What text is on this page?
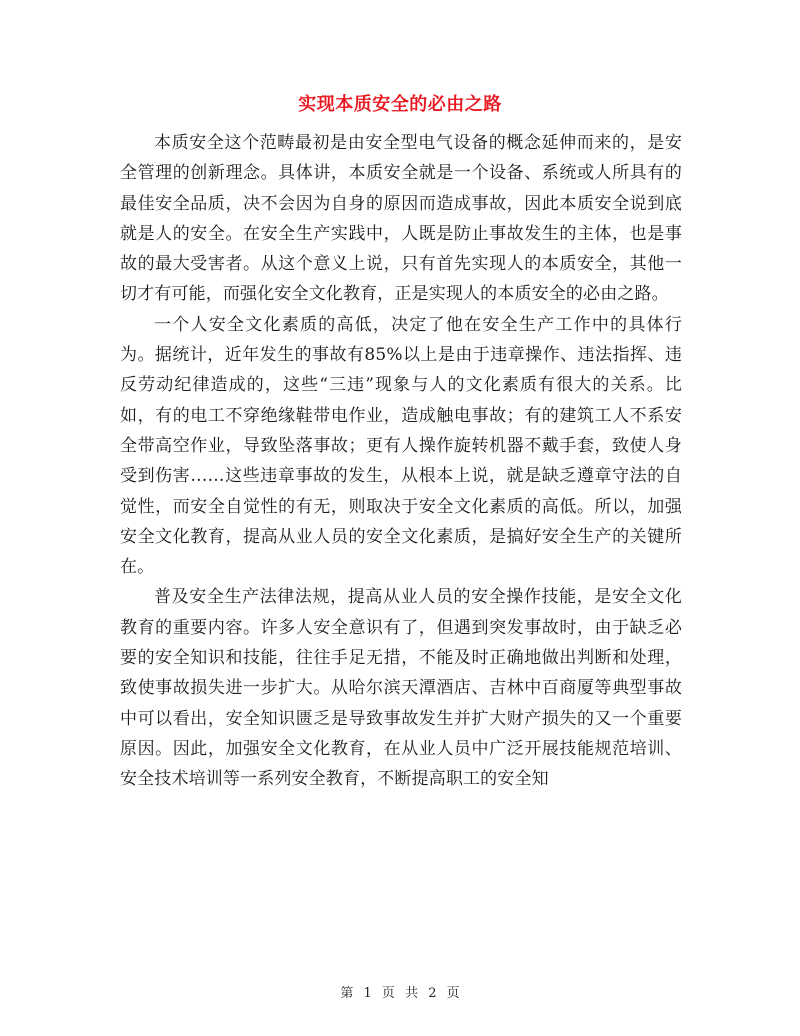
实现本质安全的必由之路

本质安全这个范畴最初是由安全型电气设备的概念延伸而来的，是安全管理的创新理念。具体讲，本质安全就是一个设备、系统或人所具有的最佳安全品质，决不会因为自身的原因而造成事故，因此本质安全说到底就是人的安全。在安全生产实践中，人既是防止事故发生的主体，也是事故的最大受害者。从这个意义上说，只有首先实现人的本质安全，其他一切才有可能，而强化安全文化教育，正是实现人的本质安全的必由之路。

一个人安全文化素质的高低，决定了他在安全生产工作中的具体行为。据统计，近年发生的事故有85%以上是由于违章操作、违法指挥、违反劳动纪律造成的，这些“三违”现象与人的文化素质有很大的关系。比如，有的电工不穿绝缘鞋带电作业，造成触电事故；有的建筑工人不系安全带高空作业，导致坠落事故；更有人操作旋转机器不戴手套，致使人身受到伤害……这些违章事故的发生，从根本上说，就是缺乏遵章守法的自觉性，而安全自觉性的有无，则取决于安全文化素质的高低。所以，加强安全文化教育，提高从业人员的安全文化素质，是搞好安全生产的关键所在。

普及安全生产法律法规，提高从业人员的安全操作技能，是安全文化教育的重要内容。许多人安全意识有了，但遇到突发事故时，由于缺乏必要的安全知识和技能，往往手足无措，不能及时正确地做出判断和处理，致使事故损失进一步扩大。从哈尔滨天潭酒店、吉林中百商厦等典型事故中可以看出，安全知识匮乏是导致事故发生并扩大财产损失的又一个重要原因。因此，加强安全文化教育，在从业人员中广泛开展技能规范培训、安全技术培训等一系列安全教育，不断提高职工的安全知

第 1 页 共 2 页
